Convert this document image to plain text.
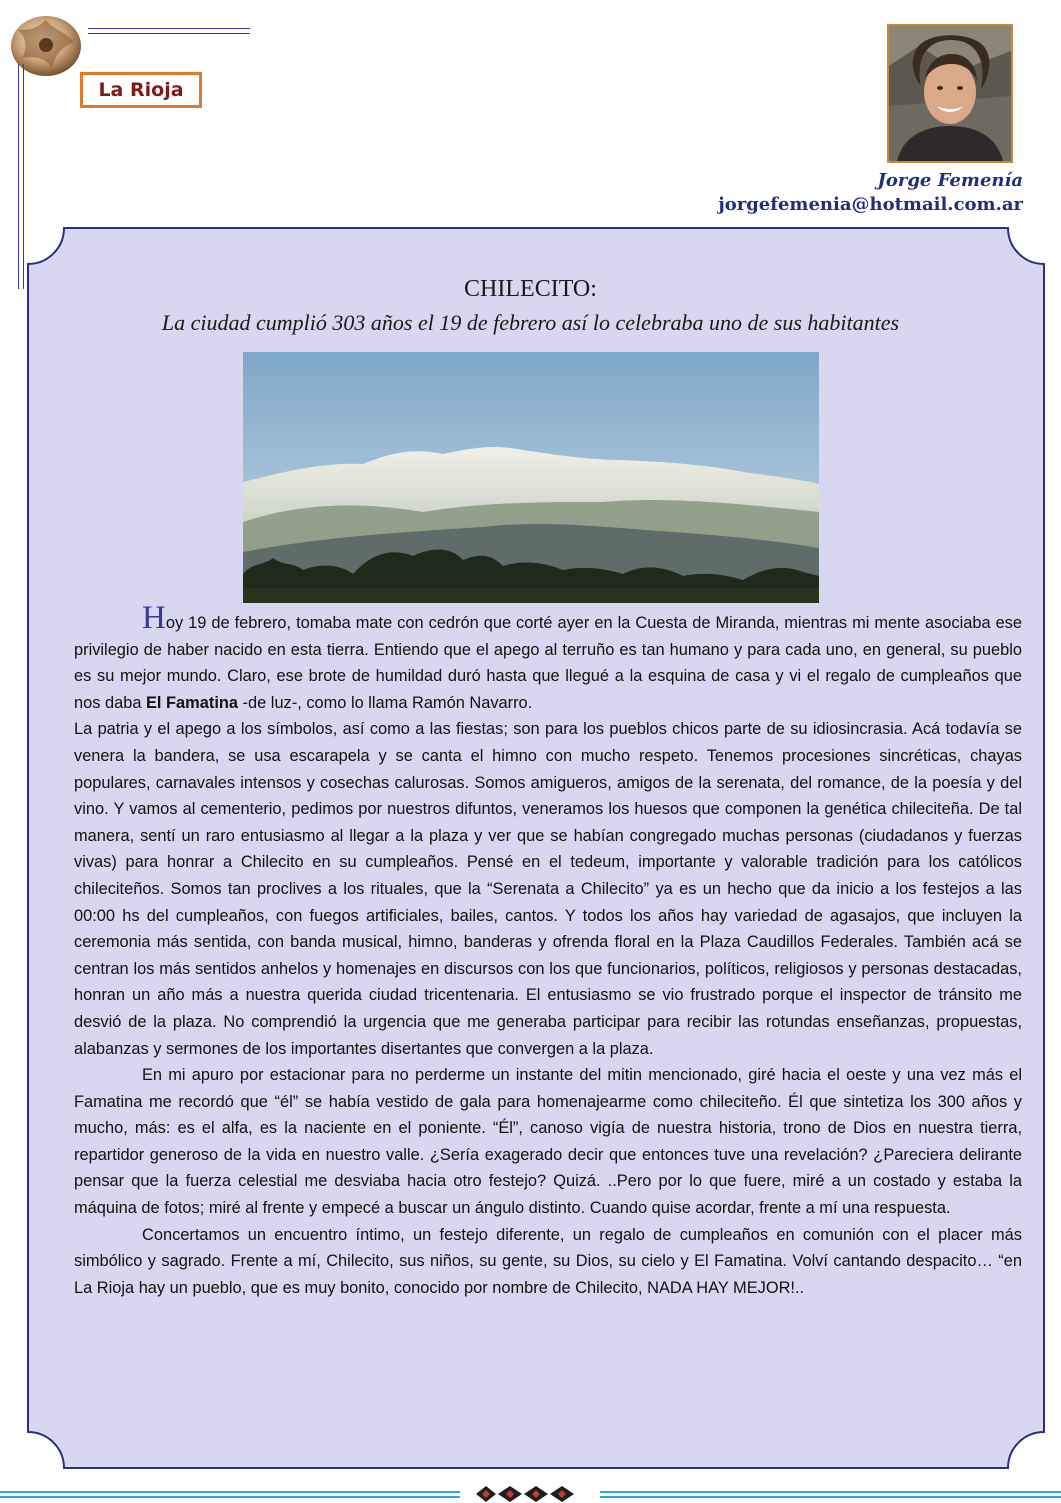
La Rioja
Jorge Femenía
jorgefemenia@hotmail.com.ar
CHILECITO:
La ciudad cumplió 303 años el 19 de febrero así lo celebraba uno de sus habitantes

Hoy 19 de febrero, tomaba mate con cedrón que corté ayer en la Cuesta de Miranda, mientras mi mente asociaba ese privilegio de haber nacido en esta tierra. Entiendo que el apego al terruño es tan humano y para cada uno, en general, su pueblo es su mejor mundo. Claro, ese brote de humildad duró hasta que llegué a la esquina de casa y vi el regalo de cumpleaños que nos daba El Famatina -de luz-, como lo llama Ramón Navarro.

La patria y el apego a los símbolos, así como a las fiestas; son para los pueblos chicos parte de su idiosincrasia. Acá todavía se venera la bandera, se usa escarapela y se canta el himno con mucho respeto. Tenemos procesiones sincréticas, chayas populares, carnavales intensos y cosechas calurosas. Somos amigueros, amigos de la serenata, del romance, de la poesía y del vino. Y vamos al cementerio, pedimos por nuestros difuntos, veneramos los huesos que componen la genética chileciteña. De tal manera, sentí un raro entusiasmo al llegar a la plaza y ver que se habían congregado muchas personas (ciudadanos y fuerzas vivas) para honrar a Chilecito en su cumpleaños. Pensé en el tedeum, importante y valorable tradición para los católicos chileciteños. Somos tan proclives a los rituales, que la “Serenata a Chilecito” ya es un hecho que da inicio a los festejos a las 00:00 hs del cumpleaños, con fuegos artificiales, bailes, cantos. Y todos los años hay variedad de agasajos, que incluyen la ceremonia más sentida, con banda musical, himno, banderas y ofrenda floral en la Plaza Caudillos Federales. También acá se centran los más sentidos anhelos y homenajes en discursos con los que funcionarios, políticos, religiosos y personas destacadas, honran un año más a nuestra querida ciudad tricentenaria. El entusiasmo se vio frustrado porque el inspector de tránsito me desvió de la plaza. No comprendió la urgencia que me generaba participar para recibir las rotundas enseñanzas, propuestas, alabanzas y sermones de los importantes disertantes que convergen a la plaza.

En mi apuro por estacionar para no perderme un instante del mitin mencionado, giré hacia el oeste y una vez más el Famatina me recordó que “él” se había vestido de gala para homenajearme como chileciteño. Él que sintetiza los 300 años y mucho, más: es el alfa, es la naciente en el poniente. “Él”, canoso vigía de nuestra historia, trono de Dios en nuestra tierra, repartidor generoso de la vida en nuestro valle. ¿Sería exagerado decir que entonces tuve una revelación? ¿Pareciera delirante pensar que la fuerza celestial me desviaba hacia otro festejo? Quizá. ..Pero por lo que fuere, miré a un costado y estaba la máquina de fotos; miré al frente y empecé a buscar un ángulo distinto. Cuando quise acordar, frente a mí una respuesta.

Concertamos un encuentro íntimo, un festejo diferente, un regalo de cumpleaños en comunión con el placer más simbólico y sagrado. Frente a mí, Chilecito, sus niños, su gente, su Dios, su cielo y El Famatina. Volví cantando despacito… “en La Rioja hay un pueblo, que es muy bonito, conocido por nombre de Chilecito, NADA HAY MEJOR!..
